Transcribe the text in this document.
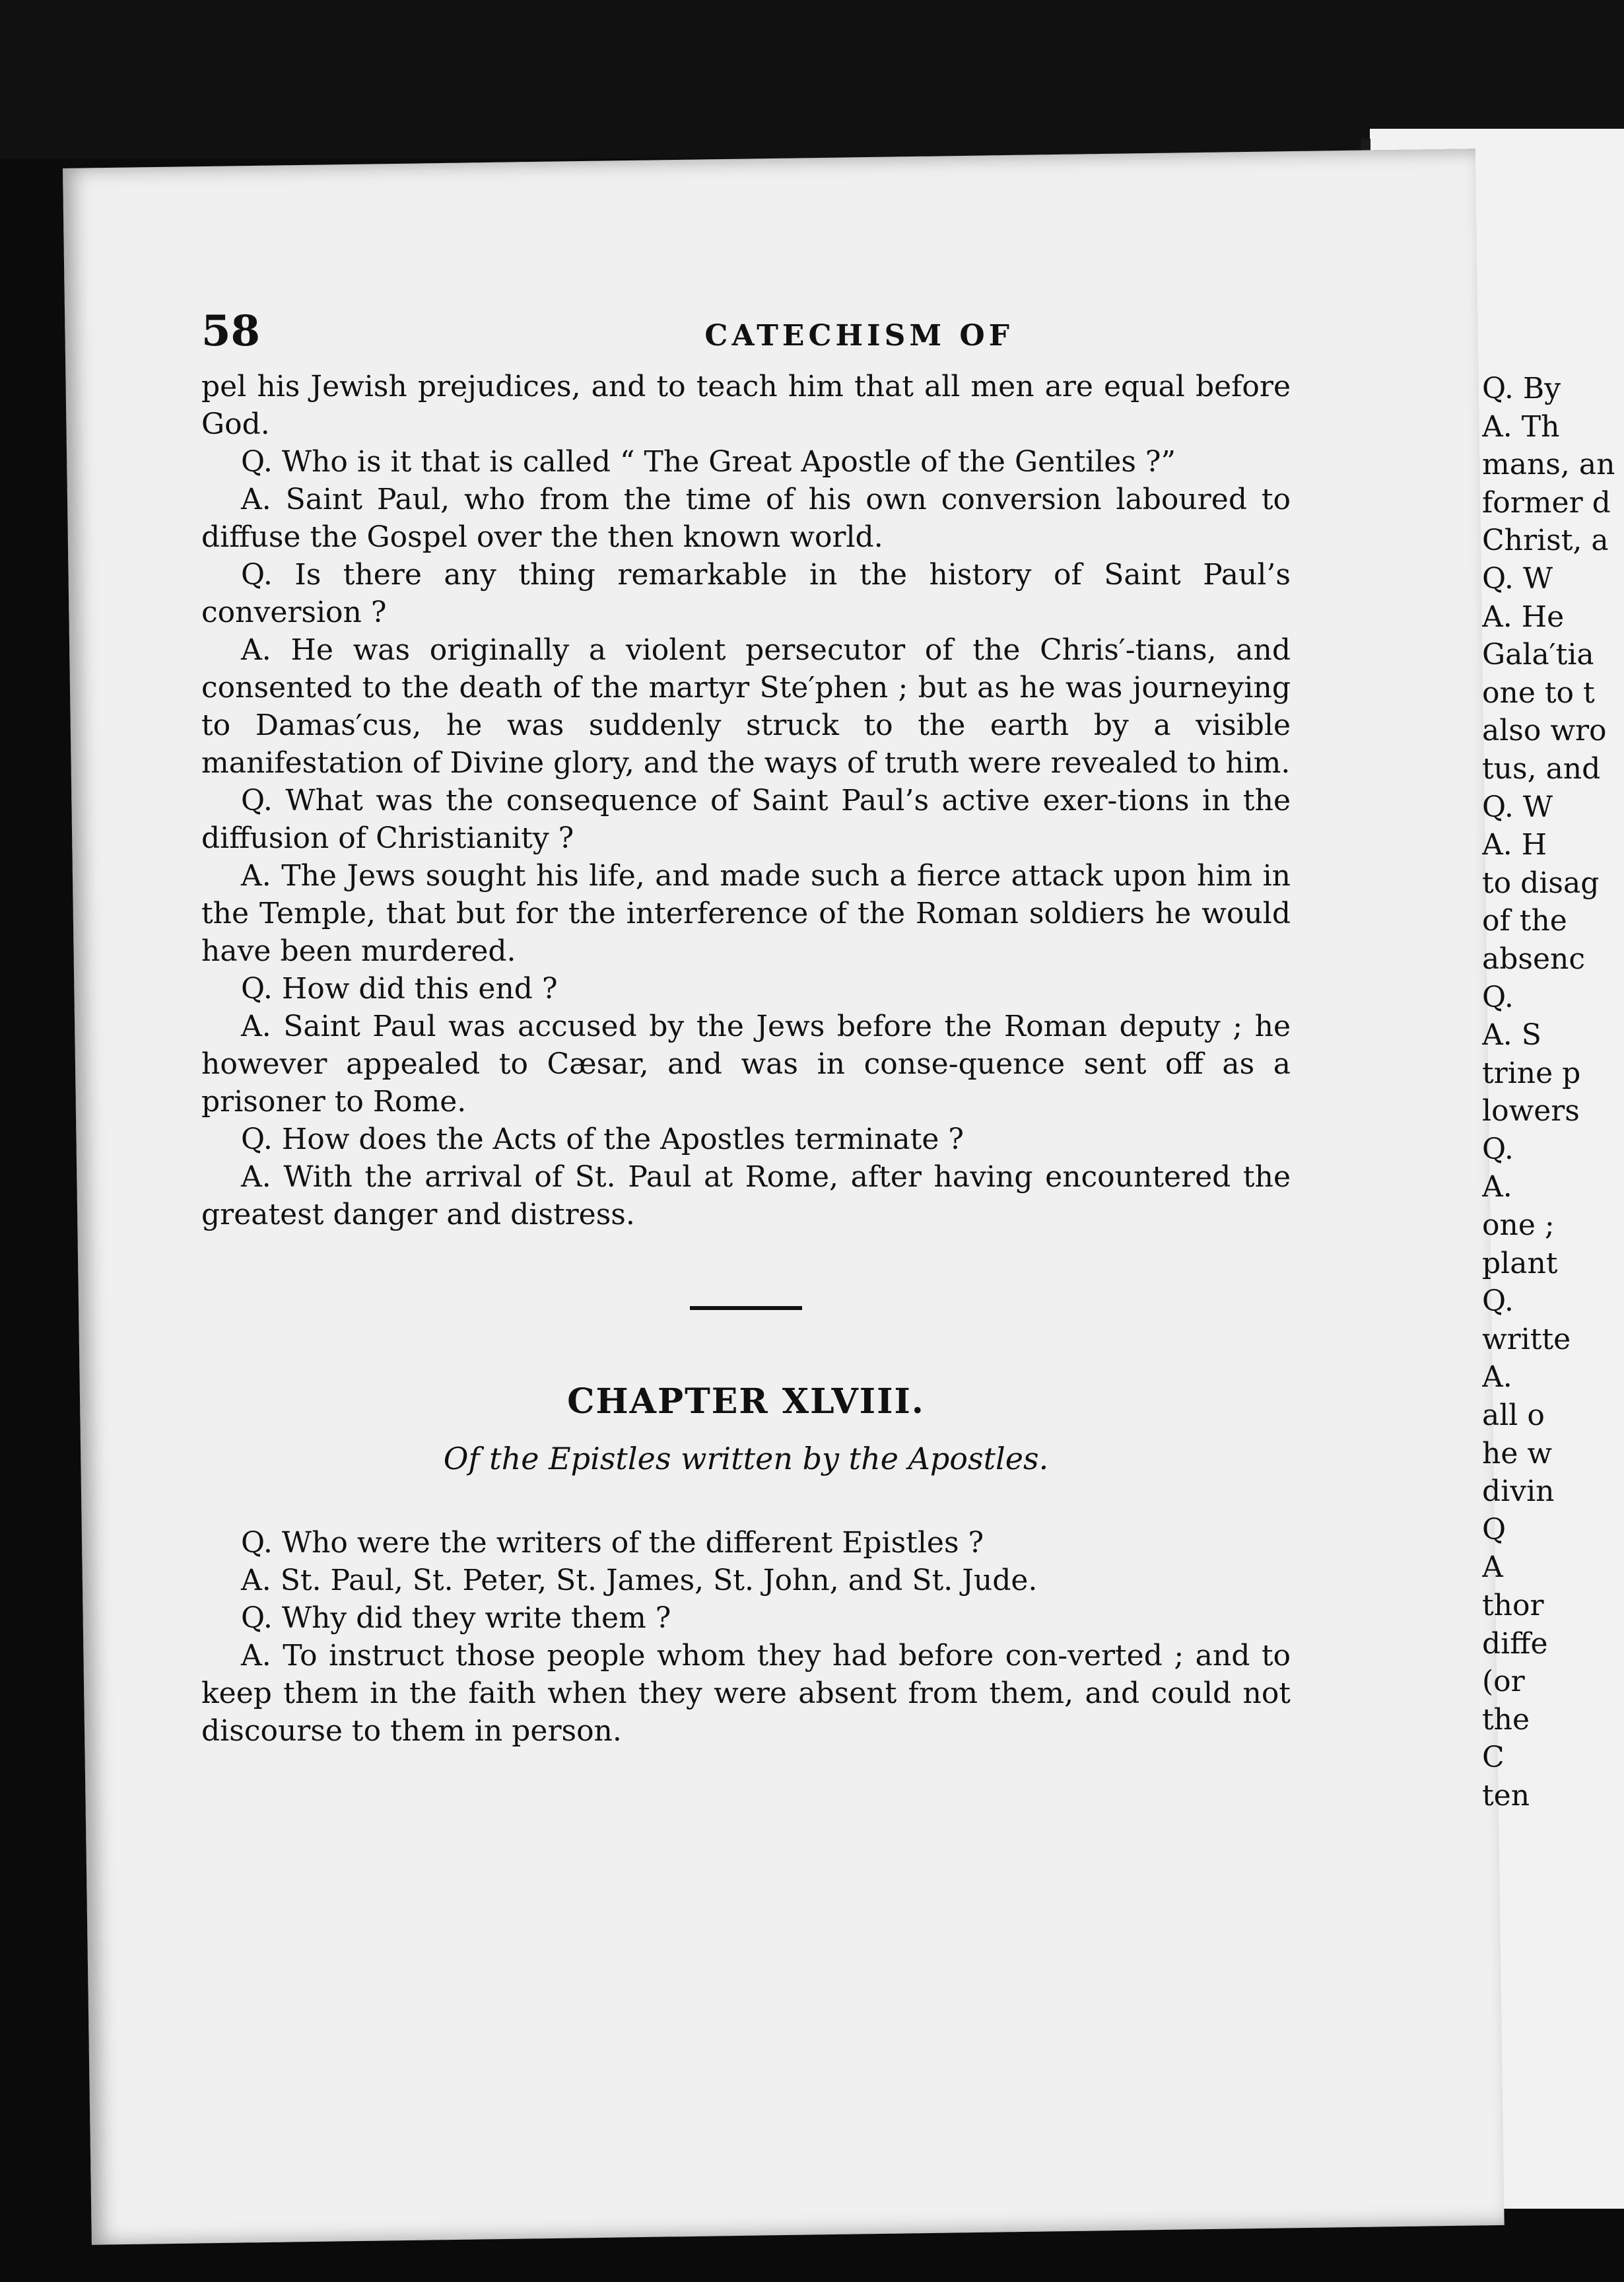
58	CATECHISM OF

pel his Jewish prejudices, and to teach him that all men are equal before God.

Q. Who is it that is called “ The Great Apostle of the Gentiles ?”

A. Saint Paul, who from the time of his own conversion laboured to diffuse the Gospel over the then known world.

Q. Is there any thing remarkable in the history of Saint Paul’s conversion ?

A. He was originally a violent persecutor of the Chris′-tians, and consented to the death of the martyr Ste′phen ; but as he was journeying to Damas′cus, he was suddenly struck to the earth by a visible manifestation of Divine glory, and the ways of truth were revealed to him.

Q. What was the consequence of Saint Paul’s active exer-tions in the diffusion of Christianity ?

A. The Jews sought his life, and made such a fierce attack upon him in the Temple, that but for the interference of the Roman soldiers he would have been murdered.

Q. How did this end ?

A. Saint Paul was accused by the Jews before the Roman deputy ; he however appealed to Cæsar, and was in conse-quence sent off as a prisoner to Rome.

Q. How does the Acts of the Apostles terminate ?

A. With the arrival of St. Paul at Rome, after having encountered the greatest danger and distress.

CHAPTER XLVIII.
Of the Epistles written by the Apostles.

Q. Who were the writers of the different Epistles ?

A. St. Paul, St. Peter, St. James, St. John, and St. Jude.

Q. Why did they write them ?

A. To instruct those people whom they had before con-verted ; and to keep them in the faith when they were absent from them, and could not discourse to them in person.

Q. By
A. Th
mans, an
former d
Christ, a
Q. W
A. He
Gala′tia
one to t
also wro
tus, and
Q. W
A. H
to disag
of the
absenc
Q.
A. S
trine p
lowers
Q.
A.
one ;
plant
Q.
writte
A.
all o
he w
divin
Q
A
thor
diffe
(or
the
C
ten
